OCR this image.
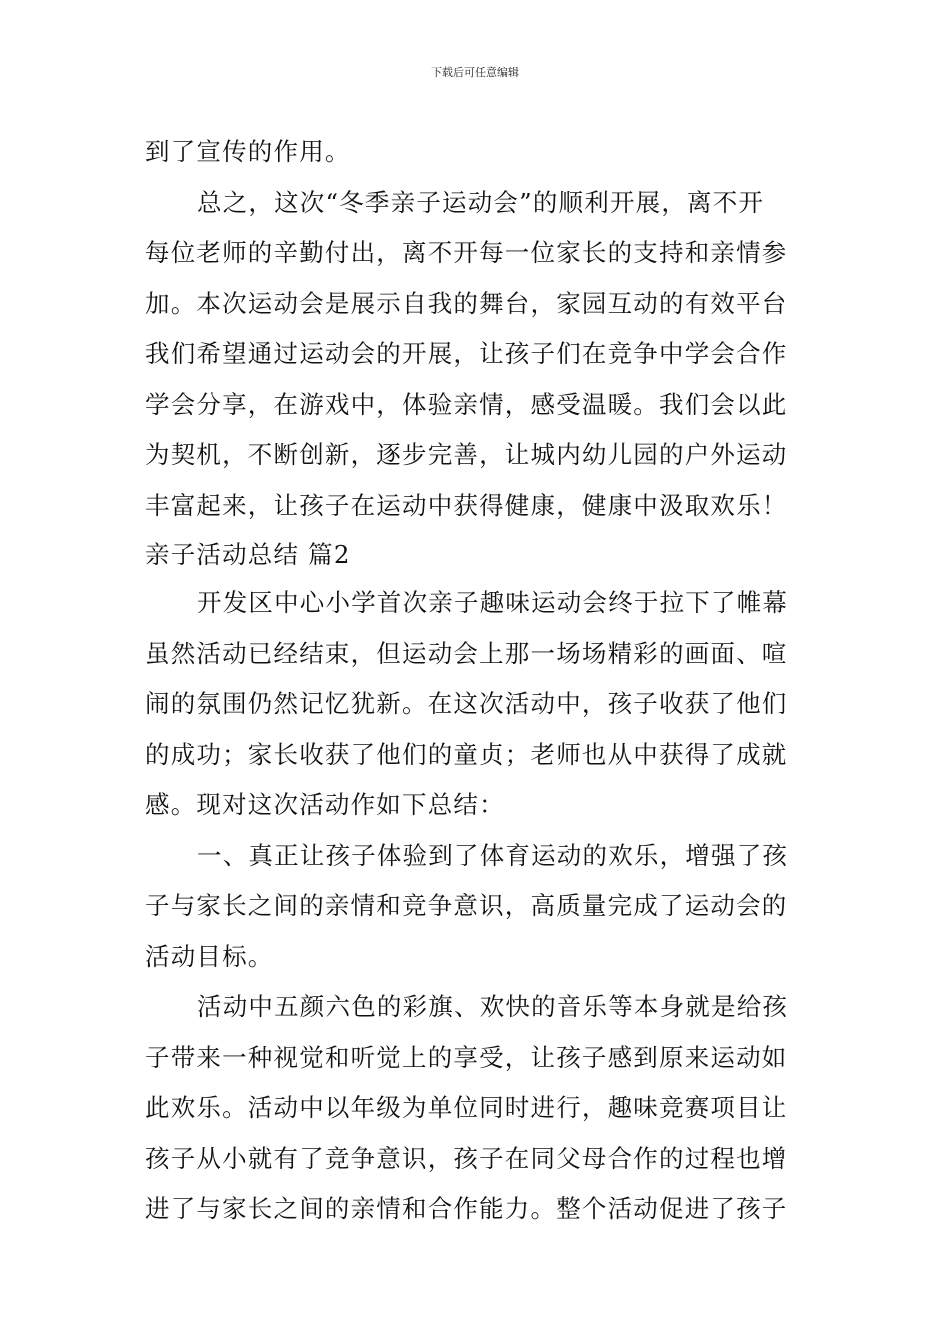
下载后可任意编辑
到了宣传的作用。
总之，这次“冬季亲子运动会”的顺利开展，离不开
每位老师的辛勤付出，离不开每一位家长的支持和亲情参
加。本次运动会是展示自我的舞台，家园互动的有效平台
我们希望通过运动会的开展，让孩子们在竞争中学会合作
学会分享，在游戏中，体验亲情，感受温暖。我们会以此
为契机，不断创新，逐步完善，让城内幼儿园的户外运动
丰富起来，让孩子在运动中获得健康，健康中汲取欢乐！
亲子活动总结 篇2
开发区中心小学首次亲子趣味运动会终于拉下了帷幕
虽然活动已经结束，但运动会上那一场场精彩的画面、喧
闹的氛围仍然记忆犹新。在这次活动中，孩子收获了他们
的成功；家长收获了他们的童贞；老师也从中获得了成就
感。现对这次活动作如下总结：
一、真正让孩子体验到了体育运动的欢乐，增强了孩
子与家长之间的亲情和竞争意识，高质量完成了运动会的
活动目标。
活动中五颜六色的彩旗、欢快的音乐等本身就是给孩
子带来一种视觉和听觉上的享受，让孩子感到原来运动如
此欢乐。活动中以年级为单位同时进行，趣味竞赛项目让
孩子从小就有了竞争意识，孩子在同父母合作的过程也增
进了与家长之间的亲情和合作能力。整个活动促进了孩子
